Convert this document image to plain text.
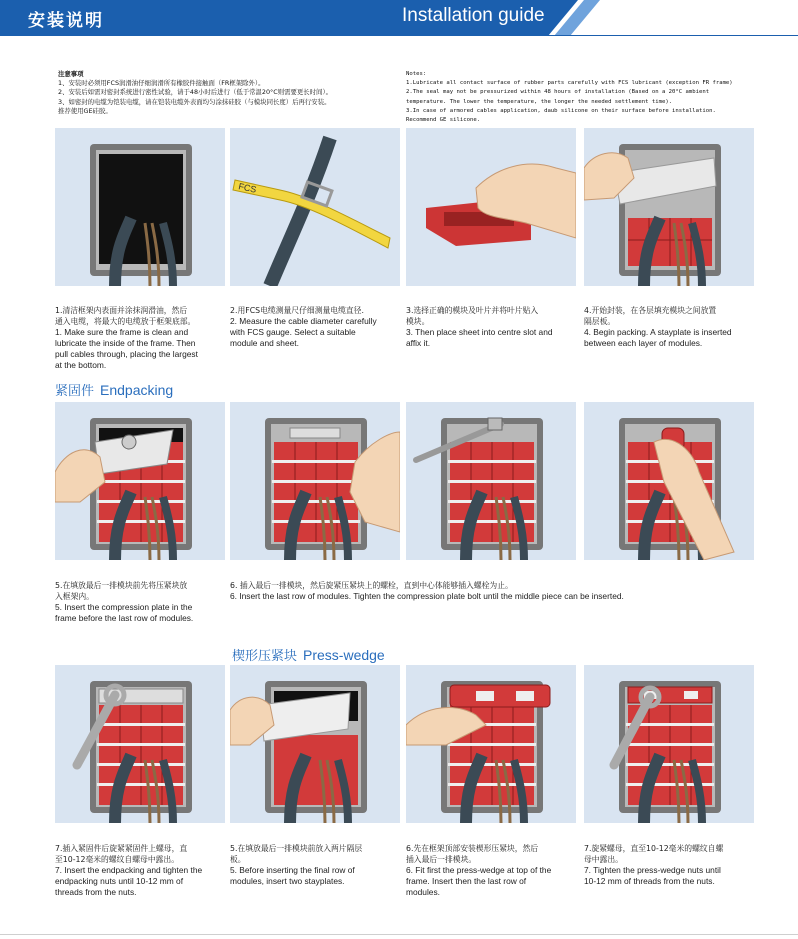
安装说明	Installation guide
注意事项
1、安装时必须用FCS润滑油仔细润滑所有橡胶件接触面（FR框架除外）。
2、安装后如需对密封系统进行密性试验，请于48小时后进行（低于常温20°C则需要更长时间）。
3、如密封的电缆为铠装电缆，请在铠装电缆外表面均匀涂抹硅胶（与模块同长度）后再行安装。
推荐使用GE硅胶。
Notes:
1.Lubricate all contact surface of rubber parts carefully with FCS lubricant (exception FR frame)
2.The seal may not be pressurized within 48 hours of installation (Based on a 20°C ambient
temperature. The lower the temperature, the longer the needed settlement time).
3.In case of armored cables application, daub silicone on their surface before installation.
Recommend GE silicone.
FCS
1.清洁框架内表面并涂抹润滑油，然后
通入电缆，将最大的电缆放于框架底部。
1. Make sure the frame is clean and
lubricate the inside of the frame. Then
pull cables through, placing the largest
at the bottom.
2.用FCS电缆测量尺仔细测量电缆直径.
2. Measure the cable diameter carefully
with FCS gauge. Select a suitable
module and sheet.
3.选择正确的模块及叶片并将叶片贴入
模块。
3. Then place sheet into centre slot and
affix it.
4.开始封装，在各层填充模块之间放置
隔层板。
4. Begin packing. A stayplate is inserted
between each layer of modules.
紧固件 Endpacking
5.在填放最后一排模块前先将压紧块放
入框架内。
5. Insert the compression plate in the
frame before the last row of modules.
6. 插入最后一排模块，然后旋紧压紧块上的螺栓，直到中心体能够插入螺栓为止。
6. Insert the last row of modules. Tighten the compression plate bolt until the middle piece can be inserted.
楔形压紧块 Press-wedge
7.插入紧固件后旋紧紧固件上螺母，直
至10-12毫米的螺纹自螺母中露出。
7. Insert the endpacking and tighten the
endpacking nuts until 10-12 mm of
threads from the nuts.
5.在填放最后一排模块前放入两片隔层
板。
5. Before inserting the final row of
modules, insert two stayplates.
6.先在框架顶部安装楔形压紧块，然后
插入最后一排模块。
6. Fit first the press-wedge at top of the
frame. Insert then the last row of
modules.
7.旋紧螺母，直至10-12毫米的螺纹自螺
母中露出。
7. Tighten the press-wedge nuts until
10-12 mm of threads from the nuts.
